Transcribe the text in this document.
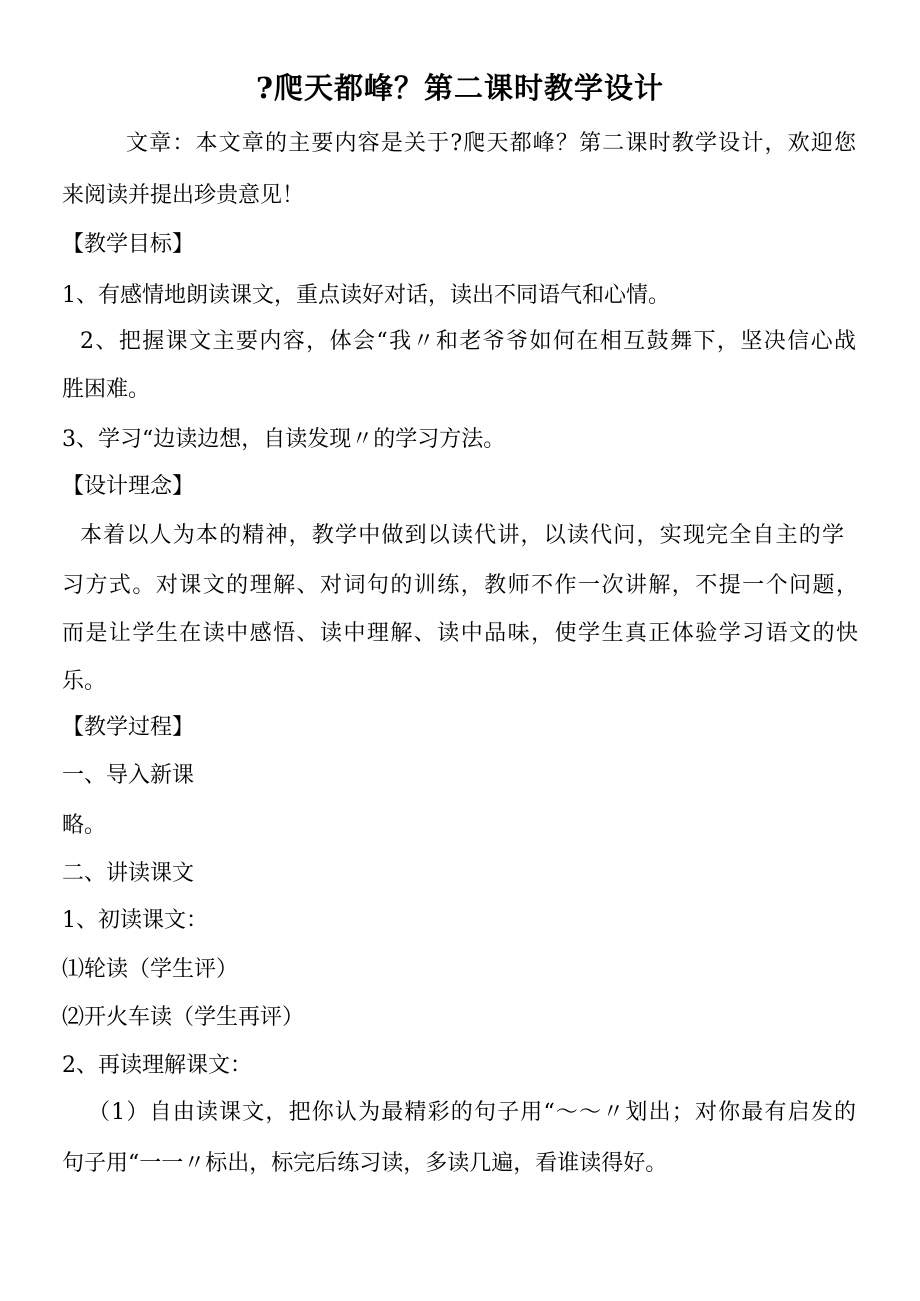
?爬天都峰？第二课时教学设计
文章：本文章的主要内容是关于?爬天都峰？第二课时教学设计，欢迎您
来阅读并提出珍贵意见！
【教学目标】
1、有感情地朗读课文，重点读好对话，读出不同语气和心情。
2、把握课文主要内容，体会“我〃和老爷爷如何在相互鼓舞下，坚决信心战
胜困难。
3、学习“边读边想，自读发现〃的学习方法。
【设计理念】
本着以人为本的精神，教学中做到以读代讲，以读代问，实现完全自主的学
习方式。对课文的理解、对词句的训练，教师不作一次讲解，不提一个问题，
而是让学生在读中感悟、读中理解、读中品味，使学生真正体验学习语文的快
乐。
【教学过程】
一、导入新课
略。
二、讲读课文
1、初读课文：
⑴轮读（学生评）
⑵开火车读（学生再评）
2、再读理解课文：
（1）自由读课文，把你认为最精彩的句子用“～～〃划出；对你最有启发的
句子用“一一〃标出，标完后练习读，多读几遍，看谁读得好。
